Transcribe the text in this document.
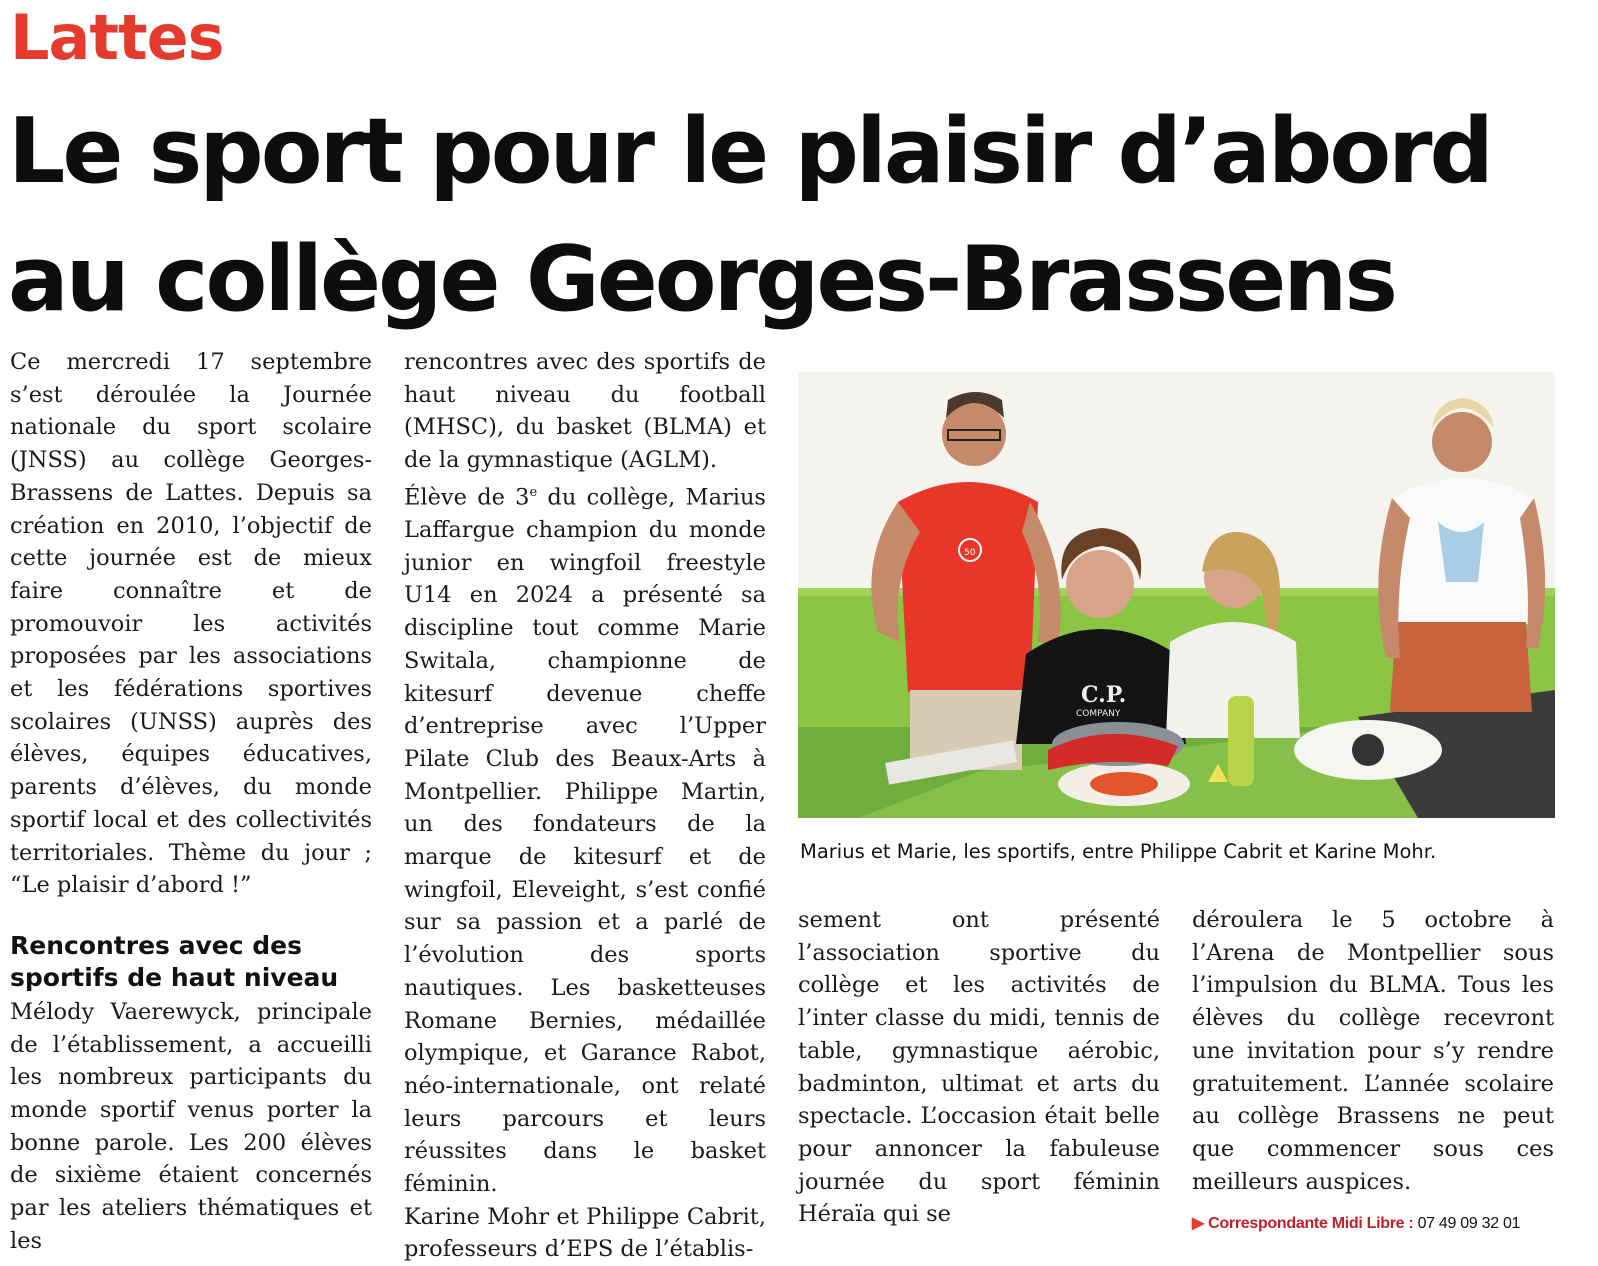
Lattes
Le sport pour le plaisir d’abord
au collège Georges-Brassens

Ce mercredi 17 septembre s’est déroulée la Journée nationale du sport scolaire (JNSS) au collège Georges-Brassens de Lattes. Depuis sa création en 2010, l’objectif de cette journée est de mieux faire connaître et de promouvoir les activités proposées par les associations et les fédérations sportives scolaires (UNSS) auprès des élèves, équipes éducatives, parents d’élèves, du monde sportif local et des collectivités territoriales. Thème du jour ; “Le plaisir d’abord !”

Rencontres avec des sportifs de haut niveau

Mélody Vaerewyck, principale de l’établissement, a accueilli les nombreux participants du monde sportif venus porter la bonne parole. Les 200 élèves de sixième étaient concernés par les ateliers thématiques et les

rencontres avec des sportifs de haut niveau du football (MHSC), du basket (BLMA) et de la gymnastique (AGLM).

Élève de 3e du collège, Marius Laffargue champion du monde junior en wingfoil freestyle U14 en 2024 a présenté sa discipline tout comme Marie Switala, championne de kitesurf devenue cheffe d’entreprise avec l’Upper Pilate Club des Beaux-Arts à Montpellier. Philippe Martin, un des fondateurs de la marque de kitesurf et de wingfoil, Eleveight, s’est confié sur sa passion et a parlé de l’évolution des sports nautiques. Les basketteuses Romane Bernies, médaillée olympique, et Garance Rabot, néo-internationale, ont relaté leurs parcours et leurs réussites dans le basket féminin.

Karine Mohr et Philippe Cabrit, professeurs d’EPS de l’établis-

50
C.P.
COMPANY
Marius et Marie, les sportifs, entre Philippe Cabrit et Karine Mohr.

sement ont présenté l’association sportive du collège et les activités de l’inter classe du midi, tennis de table, gymnastique aérobic, badminton, ultimat et arts du spectacle. L’occasion était belle pour annoncer la fabuleuse journée du sport féminin Héraïa qui se

déroulera le 5 octobre à l’Arena de Montpellier sous l’impulsion du BLMA. Tous les élèves du collège recevront une invitation pour s’y rendre gratuitement. L’année scolaire au collège Brassens ne peut que commencer sous ces meilleurs auspices.

▶ Correspondante Midi Libre : 07 49 09 32 01
